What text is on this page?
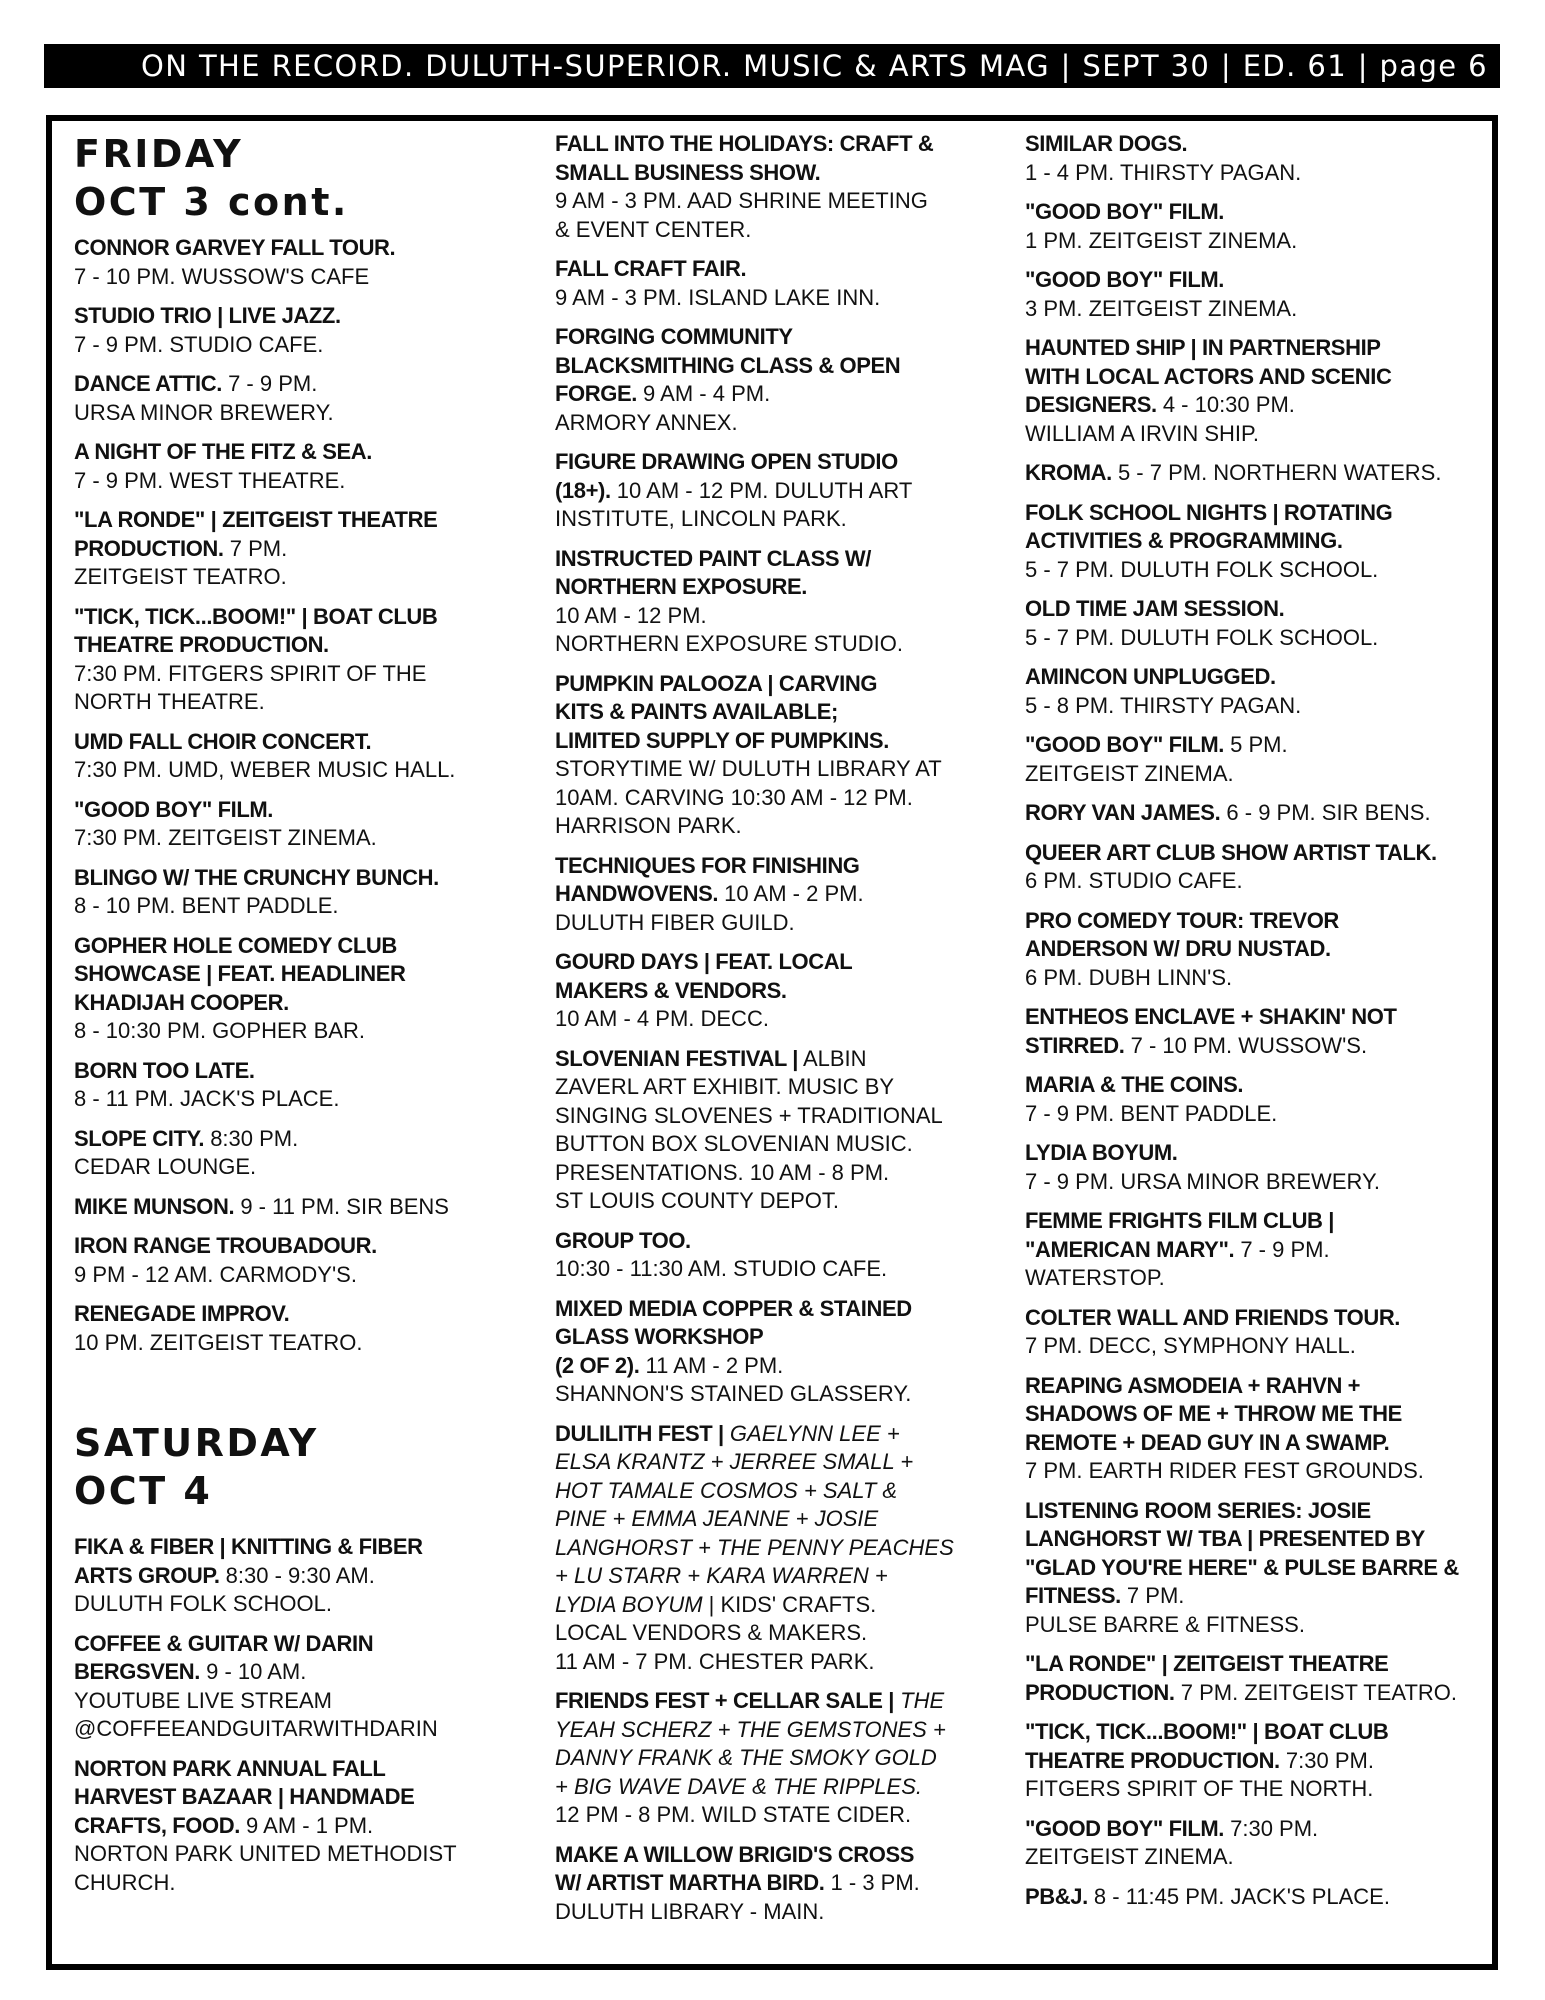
ON THE RECORD. DULUTH-SUPERIOR. MUSIC & ARTS MAG | SEPT 30 | ED. 61 | page 6
FRIDAY
OCT 3 cont.

CONNOR GARVEY FALL TOUR.

7 - 10 PM. WUSSOW'S CAFE

STUDIO TRIO | LIVE JAZZ.

7 - 9 PM. STUDIO CAFE.

DANCE ATTIC. 7 - 9 PM.

URSA MINOR BREWERY.

A NIGHT OF THE FITZ & SEA.

7 - 9 PM. WEST THEATRE.

"LA RONDE" | ZEITGEIST THEATRE

PRODUCTION. 7 PM.

ZEITGEIST TEATRO.

"TICK, TICK...BOOM!" | BOAT CLUB

THEATRE PRODUCTION.

7:30 PM. FITGERS SPIRIT OF THE

NORTH THEATRE.

UMD FALL CHOIR CONCERT.

7:30 PM. UMD, WEBER MUSIC HALL.

"GOOD BOY" FILM.

7:30 PM. ZEITGEIST ZINEMA.

BLINGO W/ THE CRUNCHY BUNCH.

8 - 10 PM. BENT PADDLE.

GOPHER HOLE COMEDY CLUB

SHOWCASE | FEAT. HEADLINER

KHADIJAH COOPER.

8 - 10:30 PM. GOPHER BAR.

BORN TOO LATE.

8 - 11 PM. JACK'S PLACE.

SLOPE CITY. 8:30 PM.

CEDAR LOUNGE.

MIKE MUNSON. 9 - 11 PM. SIR BENS

IRON RANGE TROUBADOUR.

9 PM - 12 AM. CARMODY'S.

RENEGADE IMPROV.

10 PM. ZEITGEIST TEATRO.

SATURDAY
OCT 4

FIKA & FIBER | KNITTING & FIBER

ARTS GROUP. 8:30 - 9:30 AM.

DULUTH FOLK SCHOOL.

COFFEE & GUITAR W/ DARIN

BERGSVEN. 9 - 10 AM.

YOUTUBE LIVE STREAM

@COFFEEANDGUITARWITHDARIN

NORTON PARK ANNUAL FALL

HARVEST BAZAAR | HANDMADE

CRAFTS, FOOD. 9 AM - 1 PM.

NORTON PARK UNITED METHODIST

CHURCH.

FALL INTO THE HOLIDAYS: CRAFT &

SMALL BUSINESS SHOW.

9 AM - 3 PM. AAD SHRINE MEETING

& EVENT CENTER.

FALL CRAFT FAIR.

9 AM - 3 PM. ISLAND LAKE INN.

FORGING COMMUNITY

BLACKSMITHING CLASS & OPEN

FORGE. 9 AM - 4 PM.

ARMORY ANNEX.

FIGURE DRAWING OPEN STUDIO

(18+). 10 AM - 12 PM. DULUTH ART

INSTITUTE, LINCOLN PARK.

INSTRUCTED PAINT CLASS W/

NORTHERN EXPOSURE.

10 AM - 12 PM.

NORTHERN EXPOSURE STUDIO.

PUMPKIN PALOOZA | CARVING

KITS & PAINTS AVAILABLE;

LIMITED SUPPLY OF PUMPKINS.

STORYTIME W/ DULUTH LIBRARY AT

10AM. CARVING 10:30 AM - 12 PM.

HARRISON PARK.

TECHNIQUES FOR FINISHING

HANDWOVENS. 10 AM - 2 PM.

DULUTH FIBER GUILD.

GOURD DAYS | FEAT. LOCAL

MAKERS & VENDORS.

10 AM - 4 PM. DECC.

SLOVENIAN FESTIVAL | ALBIN

ZAVERL ART EXHIBIT. MUSIC BY

SINGING SLOVENES + TRADITIONAL

BUTTON BOX SLOVENIAN MUSIC.

PRESENTATIONS. 10 AM - 8 PM.

ST LOUIS COUNTY DEPOT.

GROUP TOO.

10:30 - 11:30 AM. STUDIO CAFE.

MIXED MEDIA COPPER & STAINED

GLASS WORKSHOP

(2 OF 2). 11 AM - 2 PM.

SHANNON'S STAINED GLASSERY.

DULILITH FEST | GAELYNN LEE +

ELSA KRANTZ + JERREE SMALL +

HOT TAMALE COSMOS + SALT &

PINE + EMMA JEANNE + JOSIE

LANGHORST + THE PENNY PEACHES

+ LU STARR + KARA WARREN +

LYDIA BOYUM | KIDS' CRAFTS.

LOCAL VENDORS & MAKERS.

11 AM - 7 PM. CHESTER PARK.

FRIENDS FEST + CELLAR SALE | THE

YEAH SCHERZ + THE GEMSTONES +

DANNY FRANK & THE SMOKY GOLD

+ BIG WAVE DAVE & THE RIPPLES.

12 PM - 8 PM. WILD STATE CIDER.

MAKE A WILLOW BRIGID'S CROSS

W/ ARTIST MARTHA BIRD. 1 - 3 PM.

DULUTH LIBRARY - MAIN.

SIMILAR DOGS.

1 - 4 PM. THIRSTY PAGAN.

"GOOD BOY" FILM.

1 PM. ZEITGEIST ZINEMA.

"GOOD BOY" FILM.

3 PM. ZEITGEIST ZINEMA.

HAUNTED SHIP | IN PARTNERSHIP

WITH LOCAL ACTORS AND SCENIC

DESIGNERS. 4 - 10:30 PM.

WILLIAM A IRVIN SHIP.

KROMA. 5 - 7 PM. NORTHERN WATERS.

FOLK SCHOOL NIGHTS | ROTATING

ACTIVITIES & PROGRAMMING.

5 - 7 PM. DULUTH FOLK SCHOOL.

OLD TIME JAM SESSION.

5 - 7 PM. DULUTH FOLK SCHOOL.

AMINCON UNPLUGGED.

5 - 8 PM. THIRSTY PAGAN.

"GOOD BOY" FILM. 5 PM.

ZEITGEIST ZINEMA.

RORY VAN JAMES. 6 - 9 PM. SIR BENS.

QUEER ART CLUB SHOW ARTIST TALK.

6 PM. STUDIO CAFE.

PRO COMEDY TOUR: TREVOR

ANDERSON W/ DRU NUSTAD.

6 PM. DUBH LINN'S.

ENTHEOS ENCLAVE + SHAKIN' NOT

STIRRED. 7 - 10 PM. WUSSOW'S.

MARIA & THE COINS.

7 - 9 PM. BENT PADDLE.

LYDIA BOYUM.

7 - 9 PM. URSA MINOR BREWERY.

FEMME FRIGHTS FILM CLUB |

"AMERICAN MARY". 7 - 9 PM.

WATERSTOP.

COLTER WALL AND FRIENDS TOUR.

7 PM. DECC, SYMPHONY HALL.

REAPING ASMODEIA + RAHVN +

SHADOWS OF ME + THROW ME THE

REMOTE + DEAD GUY IN A SWAMP.

7 PM. EARTH RIDER FEST GROUNDS.

LISTENING ROOM SERIES: JOSIE

LANGHORST W/ TBA | PRESENTED BY

"GLAD YOU'RE HERE" & PULSE BARRE &

FITNESS. 7 PM.

PULSE BARRE & FITNESS.

"LA RONDE" | ZEITGEIST THEATRE

PRODUCTION. 7 PM. ZEITGEIST TEATRO.

"TICK, TICK...BOOM!" | BOAT CLUB

THEATRE PRODUCTION. 7:30 PM.

FITGERS SPIRIT OF THE NORTH.

"GOOD BOY" FILM. 7:30 PM.

ZEITGEIST ZINEMA.

PB&J. 8 - 11:45 PM. JACK'S PLACE.
